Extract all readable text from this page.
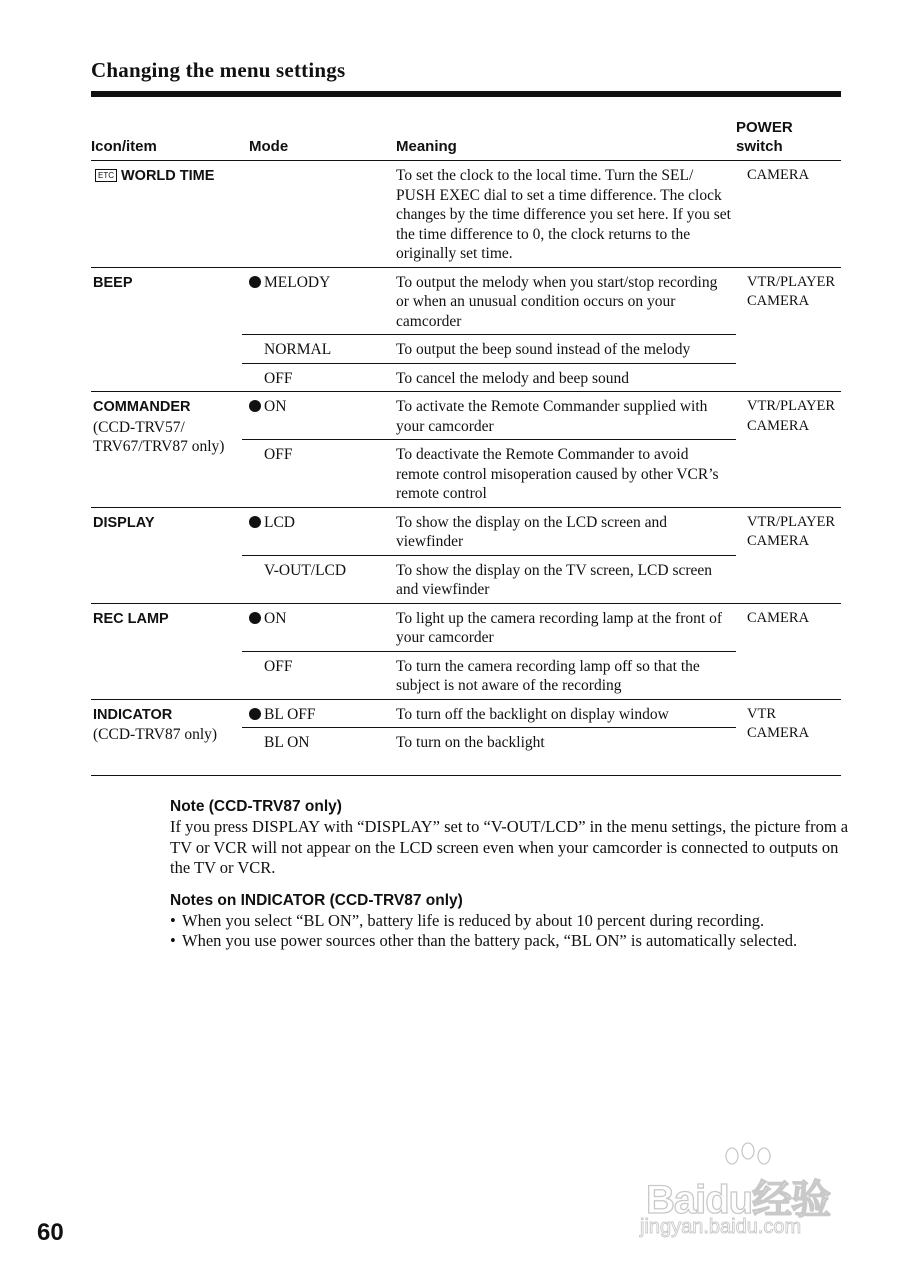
Changing the menu settings
Icon/item	Mode	Meaning	POWER
switch

ETC WORLD TIME		To set the clock to the local time. Turn the SEL/ PUSH EXEC dial to set a time difference. The clock changes by the time difference you set here. If you set the time difference to 0, the clock returns to the originally set time.	CAMERA
BEEP	MELODY	To output the melody when you start/stop recording or when an unusual condition occurs on your camcorder	VTR/PLAYER
CAMERA

	NORMAL	To output the beep sound instead of the melody	
	OFF	To cancel the melody and beep sound	
COMMANDER
(CCD-TRV57/ TRV67/TRV87 only)	ON	To activate the Remote Commander supplied with your camcorder	VTR/PLAYER
CAMERA

	OFF	To deactivate the Remote Commander to avoid remote control misoperation caused by other VCR’s remote control	
DISPLAY	LCD	To show the display on the LCD screen and viewfinder	VTR/PLAYER
CAMERA

	V-OUT/LCD	To show the display on the TV screen, LCD screen and viewfinder	
REC LAMP	ON	To light up the camera recording lamp at the front of your camcorder	CAMERA
	OFF	To turn the camera recording lamp off so that the subject is not aware of the recording	
INDICATOR
(CCD-TRV87 only)	BL OFF	To turn off the backlight on display window	VTR
CAMERA

	BL ON	To turn on the backlight	
Note (CCD-TRV87 only)
If you press DISPLAY with “DISPLAY” set to “V-OUT/LCD” in the menu settings, the picture from a TV or VCR will not appear on the LCD screen even when your camcorder is connected to outputs on the TV or VCR.
Notes on INDICATOR (CCD-TRV87 only)
• When you select “BL ON”, battery life is reduced by about 10 percent during recording.
• When you use power sources other than the battery pack, “BL ON” is automatically selected.
60
Baidu经验
jingyan.baidu.com
